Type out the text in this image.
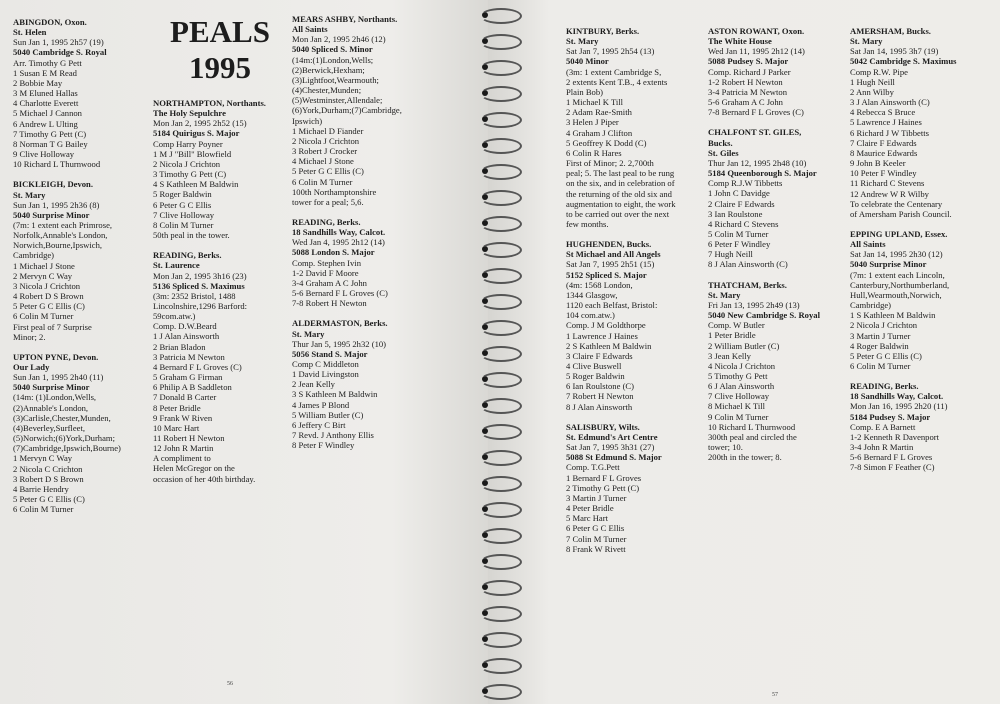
PEALS
1995
ABINGDON, Oxon.
St. Helen
Sun Jan 1, 1995 2h57 (19)
5040 Cambridge S. Royal
Arr. Timothy G Pett
1 Susan E M Read
2 Bobbie May
3 M Eluned Hallas
4 Charlotte Everett
5 Michael J Cannon
6 Andrew L Ulting
7 Timothy G Pett (C)
8 Norman T G Bailey
9 Clive Holloway
10 Richard L Thurnwood
BICKLEIGH, Devon.
St. Mary
Sun Jan 1, 1995 2h36 (8)
5040 Surprise Minor
(7m: 1 extent each Primrose,
Norfolk,Annable's London,
Norwich,Bourne,Ipswich,
Cambridge)
1 Michael J Stone
2 Mervyn C Way
3 Nicola J Crichton
4 Robert D S Brown
5 Peter G C Ellis (C)
6 Colin M Turner
First peal of 7 Surprise
Minor; 2.
UPTON PYNE, Devon.
Our Lady
Sun Jan 1, 1995 2h40 (11)
5040 Surprise Minor
(14m: (1)London,Wells,
(2)Annable's London,
(3)Carlisle,Chester,Munden,
(4)Beverley,Surfleet,
(5)Norwich;(6)York,Durham;
(7)Cambridge,Ipswich,Bourne)
1 Mervyn C Way
2 Nicola C Crichton
3 Robert D S Brown
4 Barrie Hendry
5 Peter G C Ellis (C)
6 Colin M Turner
NORTHAMPTON, Northants.
The Holy Sepulchre
Mon Jan 2, 1995 2h52 (15)
5184 Quirigus S. Major
Comp Harry Poyner
1 M J "Bill" Blowfield
2 Nicola J Crichton
3 Timothy G Pett (C)
4 S Kathleen M Baldwin
5 Roger Baldwin
6 Peter G C Ellis
7 Clive Holloway
8 Colin M Turner
50th peal in the tower.
READING, Berks.
St. Laurence
Mon Jan 2, 1995 3h16 (23)
5136 Spliced S. Maximus
(3m: 2352 Bristol, 1488
Lincolnshire,1296 Barford:
59com.atw.)
Comp. D.W.Beard
1 J Alan Ainsworth
2 Brian Bladon
3 Patricia M Newton
4 Bernard F L Groves (C)
5 Graham G Firman
6 Philip A B Saddleton
7 Donald B Carter
8 Peter Bridle
9 Frank W Riven
10 Marc Hart
11 Robert H Newton
12 John R Martin
A compliment to
Helen McGregor on the
occasion of her 40th birthday.
MEARS ASHBY, Northants.
All Saints
Mon Jan 2, 1995 2h46 (12)
5040 Spliced S. Minor
(14m:(1)London,Wells;
(2)Berwick,Hexham;
(3)Lightfoot,Wearmouth;
(4)Chester,Munden;
(5)Westminster,Allendale;
(6)York,Durham;(7)Cambridge,
Ipswich)
1 Michael D Fiander
2 Nicola J Crichton
3 Robert J Crocker
4 Michael J Stone
5 Peter G C Ellis (C)
6 Colin M Turner
100th Northamptonshire
tower for a peal; 5,6.
READING, Berks.
18 Sandhills Way, Calcot.
Wed Jan 4, 1995 2h12 (14)
5088 London S. Major
Comp. Stephen Ivin
1-2 David F Moore
3-4 Graham A C John
5-6 Bernard F L Groves (C)
7-8 Robert H Newton
ALDERMASTON, Berks.
St. Mary
Thur Jan 5, 1995 2h32 (10)
5056 Stand S. Major
Comp C Middleton
1 David Livingston
2 Jean Kelly
3 S Kathleen M Baldwin
4 James P Blond
5 William Butler (C)
6 Jeffery C Birt
7 Revd. J Anthony Ellis
8 Peter F Windley
KINTBURY, Berks.
St. Mary
Sat Jan 7, 1995 2h54 (13)
5040 Minor
(3m: 1 extent Cambridge S,
2 extents Kent T.B., 4 extents
Plain Bob)
1 Michael K Till
2 Adam Rae-Smith
3 Helen J Piper
4 Graham J Clifton
5 Geoffrey K Dodd (C)
6 Colin R Hares
First of Minor; 2. 2,700th
peal; 5. The last peal to be rung
on the six, and in celebration of
the returning of the old six and
augmentation to eight, the work
to be carried out over the next
few months.
HUGHENDEN, Bucks.
St Michael and All Angels
Sat Jan 7, 1995 2h51 (15)
5152 Spliced S. Major
(4m: 1568 London,
1344 Glasgow,
1120 each Belfast, Bristol:
104 com.atw.)
Comp. J M Goldthorpe
1 Lawrence J Haines
2 S Kathleen M Baldwin
3 Claire F Edwards
4 Clive Buswell
5 Roger Baldwin
6 Ian Roulstone (C)
7 Robert H Newton
8 J Alan Ainsworth
SALISBURY, Wilts.
St. Edmund's Art Centre
Sat Jan 7, 1995 3h31 (27)
5088 St Edmund S. Major
Comp. T.G.Pett
1 Bernard F L Groves
2 Timothy G Pett (C)
3 Martin J Turner
4 Peter Bridle
5 Marc Hart
6 Peter G C Ellis
7 Colin M Turner
8 Frank W Rivett
ASTON ROWANT, Oxon.
The White House
Wed Jan 11, 1995 2h12 (14)
5088 Pudsey S. Major
Comp. Richard J Parker
1-2 Robert H Newton
3-4 Patricia M Newton
5-6 Graham A C John
7-8 Bernard F L Groves (C)
CHALFONT ST. GILES,
Bucks.
St. Giles
Thur Jan 12, 1995 2h48 (10)
5184 Queenborough S. Major
Comp R.J.W Tibbetts
1 John C Davidge
2 Claire F Edwards
3 Ian Roulstone
4 Richard C Stevens
5 Colin M Turner
6 Peter F Windley
7 Hugh Neill
8 J Alan Ainsworth (C)
THATCHAM, Berks.
St. Mary
Fri Jan 13, 1995 2h49 (13)
5040 New Cambridge S. Royal
Comp. W Butler
1 Peter Bridle
2 William Butler (C)
3 Jean Kelly
4 Nicola J Crichton
5 Timothy G Pett
6 J Alan Ainsworth
7 Clive Holloway
8 Michael K Till
9 Colin M Turner
10 Richard L Thurnwood
300th peal and circled the
tower; 10.
200th in the tower; 8.
AMERSHAM, Bucks.
St. Mary
Sat Jan 14, 1995 3h7 (19)
5042 Cambridge S. Maximus
Comp R.W. Pipe
1 Hugh Neill
2 Ann Wilby
3 J Alan Ainsworth (C)
4 Rebecca S Bruce
5 Lawrence J Haines
6 Richard J W Tibbetts
7 Claire F Edwards
8 Maurice Edwards
9 John B Keeler
10 Peter F Windley
11 Richard C Stevens
12 Andrew W R Wilby
To celebrate the Centenary
of Amersham Parish Council.
EPPING UPLAND, Essex.
All Saints
Sat Jan 14, 1995 2h30 (12)
5040 Surprise Minor
(7m: 1 extent each Lincoln,
Canterbury,Northumberland,
Hull,Wearmouth,Norwich,
Cambridge)
1 S Kathleen M Baldwin
2 Nicola J Crichton
3 Martin J Turner
4 Roger Baldwin
5 Peter G C Ellis (C)
6 Colin M Turner
READING, Berks.
18 Sandhills Way, Calcot.
Mon Jan 16, 1995 2h20 (11)
5184 Pudsey S. Major
Comp. E A Barnett
1-2 Kenneth R Davenport
3-4 John R Martin
5-6 Bernard F L Groves
7-8 Simon F Feather (C)
56
57
